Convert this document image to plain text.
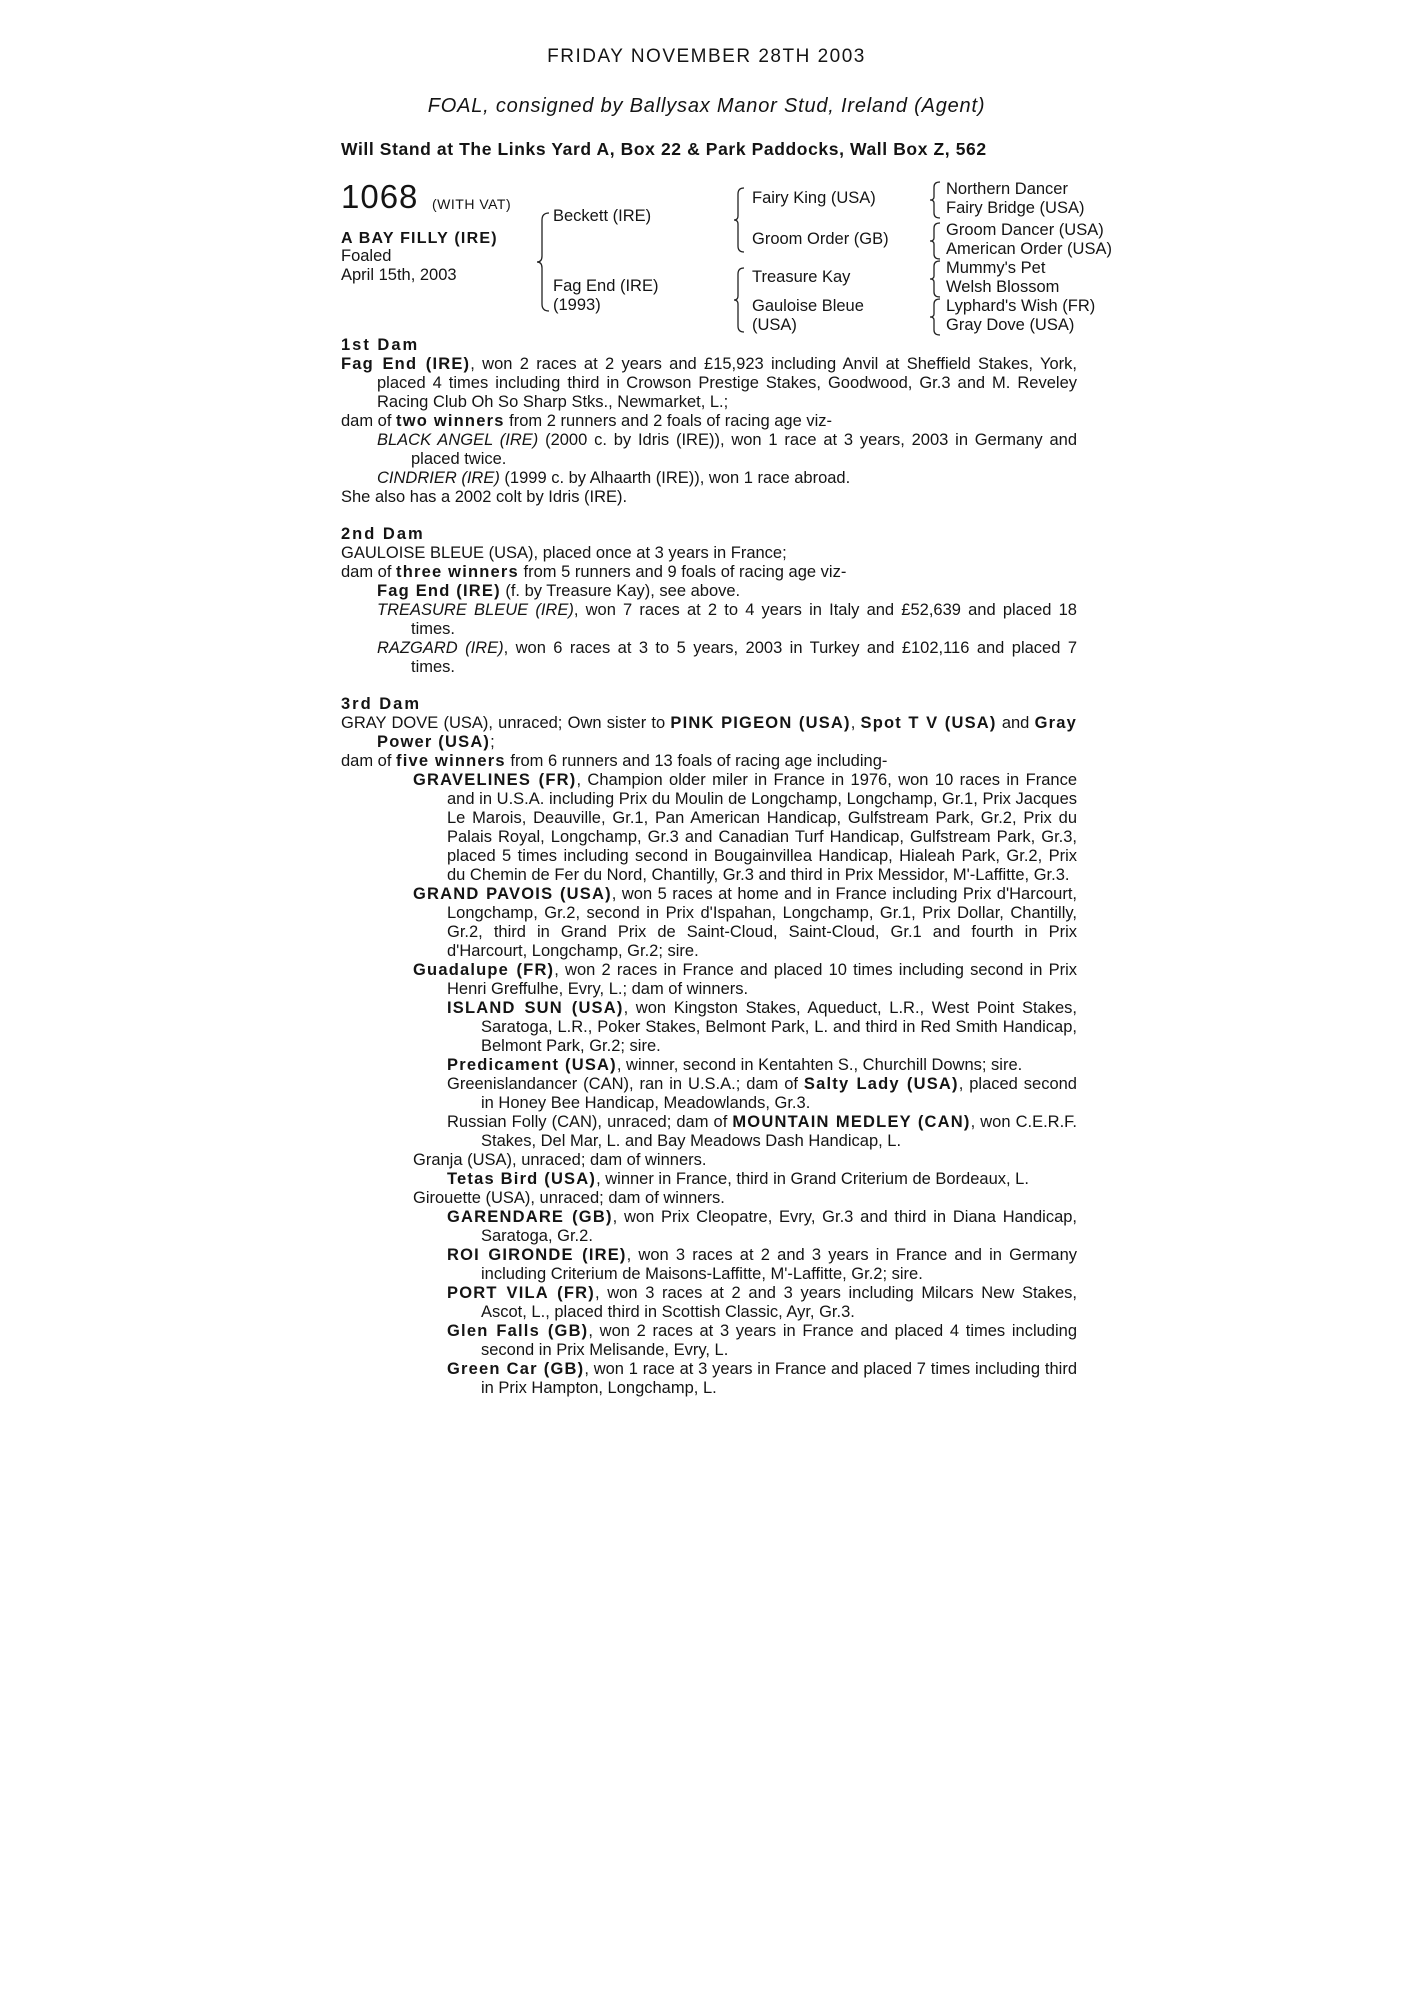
FRIDAY NOVEMBER 28TH 2003
FOAL, consigned by Ballysax Manor Stud, Ireland (Agent)
Will Stand at The Links Yard A, Box 22 & Park Paddocks, Wall Box Z, 562
1068 (WITH VAT)
A BAY FILLY (IRE)
Foaled
April 15th, 2003
Beckett (IRE)
Fag End (IRE)
(1993)
Fairy King (USA)
Groom Order (GB)
Treasure Kay
Gauloise Bleue
(USA)
Northern Dancer
Fairy Bridge (USA)
Groom Dancer (USA)
American Order (USA)
Mummy's Pet
Welsh Blossom
Lyphard's Wish (FR)
Gray Dove (USA)
1st Dam

Fag End (IRE), won 2 races at 2 years and £15,923 including Anvil at Sheffield Stakes, York, placed 4 times including third in Crowson Prestige Stakes, Goodwood, Gr.3 and M. Reveley Racing Club Oh So Sharp Stks., Newmarket, L.;

dam of two winners from 2 runners and 2 foals of racing age viz-

BLACK ANGEL (IRE) (2000 c. by Idris (IRE)), won 1 race at 3 years, 2003 in Germany and placed twice.

CINDRIER (IRE) (1999 c. by Alhaarth (IRE)), won 1 race abroad.

She also has a 2002 colt by Idris (IRE).

2nd Dam

GAULOISE BLEUE (USA), placed once at 3 years in France;

dam of three winners from 5 runners and 9 foals of racing age viz-

Fag End (IRE) (f. by Treasure Kay), see above.

TREASURE BLEUE (IRE), won 7 races at 2 to 4 years in Italy and £52,639 and placed 18 times.

RAZGARD (IRE), won 6 races at 3 to 5 years, 2003 in Turkey and £102,116 and placed 7 times.

3rd Dam

GRAY DOVE (USA), unraced; Own sister to PINK PIGEON (USA), Spot T V (USA) and Gray Power (USA);

dam of five winners from 6 runners and 13 foals of racing age including-

GRAVELINES (FR), Champion older miler in France in 1976, won 10 races in France and in U.S.A. including Prix du Moulin de Longchamp, Longchamp, Gr.1, Prix Jacques Le Marois, Deauville, Gr.1, Pan American Handicap, Gulfstream Park, Gr.2, Prix du Palais Royal, Longchamp, Gr.3 and Canadian Turf Handicap, Gulfstream Park, Gr.3, placed 5 times including second in Bougainvillea Handicap, Hialeah Park, Gr.2, Prix du Chemin de Fer du Nord, Chantilly, Gr.3 and third in Prix Messidor, M'-Laffitte, Gr.3.

GRAND PAVOIS (USA), won 5 races at home and in France including Prix d'Harcourt, Longchamp, Gr.2, second in Prix d'Ispahan, Longchamp, Gr.1, Prix Dollar, Chantilly, Gr.2, third in Grand Prix de Saint-Cloud, Saint-Cloud, Gr.1 and fourth in Prix d'Harcourt, Longchamp, Gr.2; sire.

Guadalupe (FR), won 2 races in France and placed 10 times including second in Prix Henri Greffulhe, Evry, L.; dam of winners.

ISLAND SUN (USA), won Kingston Stakes, Aqueduct, L.R., West Point Stakes, Saratoga, L.R., Poker Stakes, Belmont Park, L. and third in Red Smith Handicap, Belmont Park, Gr.2; sire.

Predicament (USA), winner, second in Kentahten S., Churchill Downs; sire.

Greenislandancer (CAN), ran in U.S.A.; dam of Salty Lady (USA), placed second in Honey Bee Handicap, Meadowlands, Gr.3.

Russian Folly (CAN), unraced; dam of MOUNTAIN MEDLEY (CAN), won C.E.R.F. Stakes, Del Mar, L. and Bay Meadows Dash Handicap, L.

Granja (USA), unraced; dam of winners.

Tetas Bird (USA), winner in France, third in Grand Criterium de Bordeaux, L.

Girouette (USA), unraced; dam of winners.

GARENDARE (GB), won Prix Cleopatre, Evry, Gr.3 and third in Diana Handicap, Saratoga, Gr.2.

ROI GIRONDE (IRE), won 3 races at 2 and 3 years in France and in Germany including Criterium de Maisons-Laffitte, M'-Laffitte, Gr.2; sire.

PORT VILA (FR), won 3 races at 2 and 3 years including Milcars New Stakes, Ascot, L., placed third in Scottish Classic, Ayr, Gr.3.

Glen Falls (GB), won 2 races at 3 years in France and placed 4 times including second in Prix Melisande, Evry, L.

Green Car (GB), won 1 race at 3 years in France and placed 7 times including third in Prix Hampton, Longchamp, L.
